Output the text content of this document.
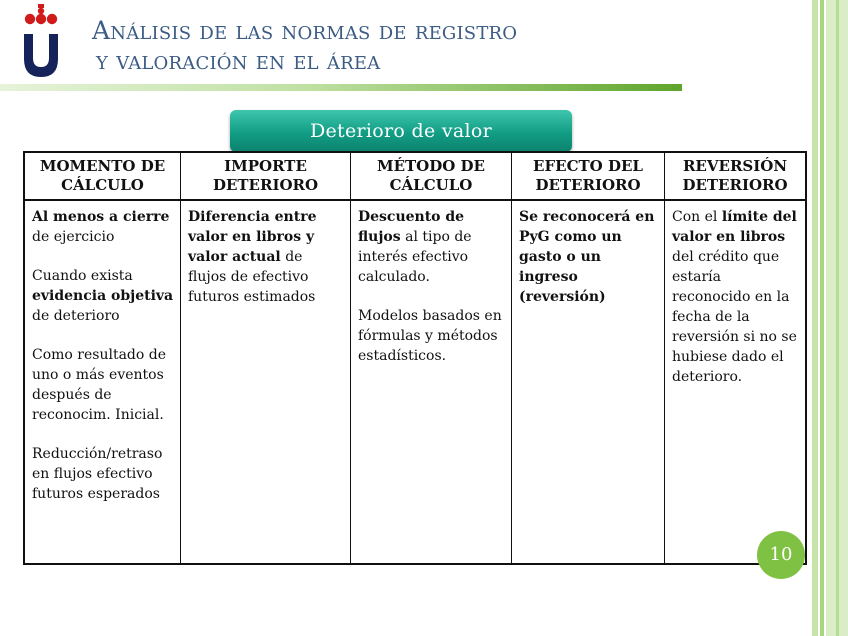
Análisis de las normas de registro
y valoración en el área
Deterioro de valor
MOMENTO DE CÁLCULO
IMPORTE DETERIORO
MÉTODO DE CÁLCULO
EFECTO DEL DETERIORO
REVERSIÓN DETERIORO

Al menos a cierre de ejercicio

Cuando exista evidencia objetiva de deterioro

Como resultado de uno o más eventos después de reconocim. Inicial.

Reducción/retraso en flujos efectivo futuros esperados

Diferencia entre valor en libros y valor actual de flujos de efectivo futuros estimados

Descuento de flujos al tipo de interés efectivo calculado.

Modelos basados en fórmulas y métodos estadísticos.

Se reconocerá en PyG como un gasto o un ingreso (reversión)

Con el límite del valor en libros del crédito que estaría reconocido en la fecha de la reversión si no se hubiese dado el deterioro.

10
